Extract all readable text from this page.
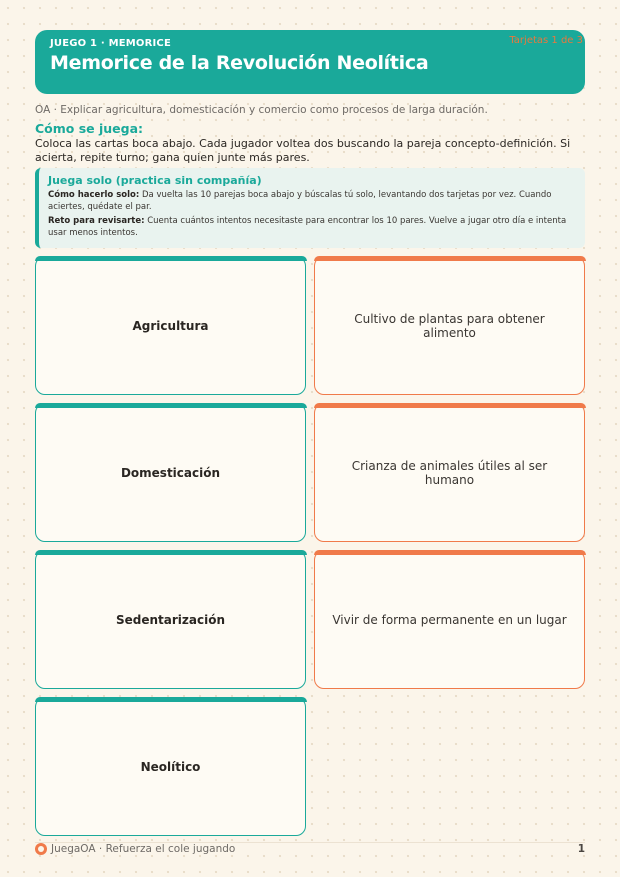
JUEGO 1 · MEMORICE
Memorice de la Revolución Neolítica
Tarjetas 1 de 3
OA · Explicar agricultura, domesticación y comercio como procesos de larga duración.
Cómo se juega:
Coloca las cartas boca abajo. Cada jugador voltea dos buscando la pareja concepto-definición. Si acierta, repite turno; gana quien junte más pares.
Juega solo (practica sin compañía)
Cómo hacerlo solo: Da vuelta las 10 parejas boca abajo y búscalas tú solo, levantando dos tarjetas por vez. Cuando aciertes, quédate el par.
Reto para revisarte: Cuenta cuántos intentos necesitaste para encontrar los 10 pares. Vuelve a jugar otro día e intenta usar menos intentos.
Agricultura	Cultivo de plantas para obtener alimento
Domesticación	Crianza de animales útiles al ser humano
Sedentarización	Vivir de forma permanente en un lugar
Neolítico
JuegaOA · Refuerza el cole jugando	1
